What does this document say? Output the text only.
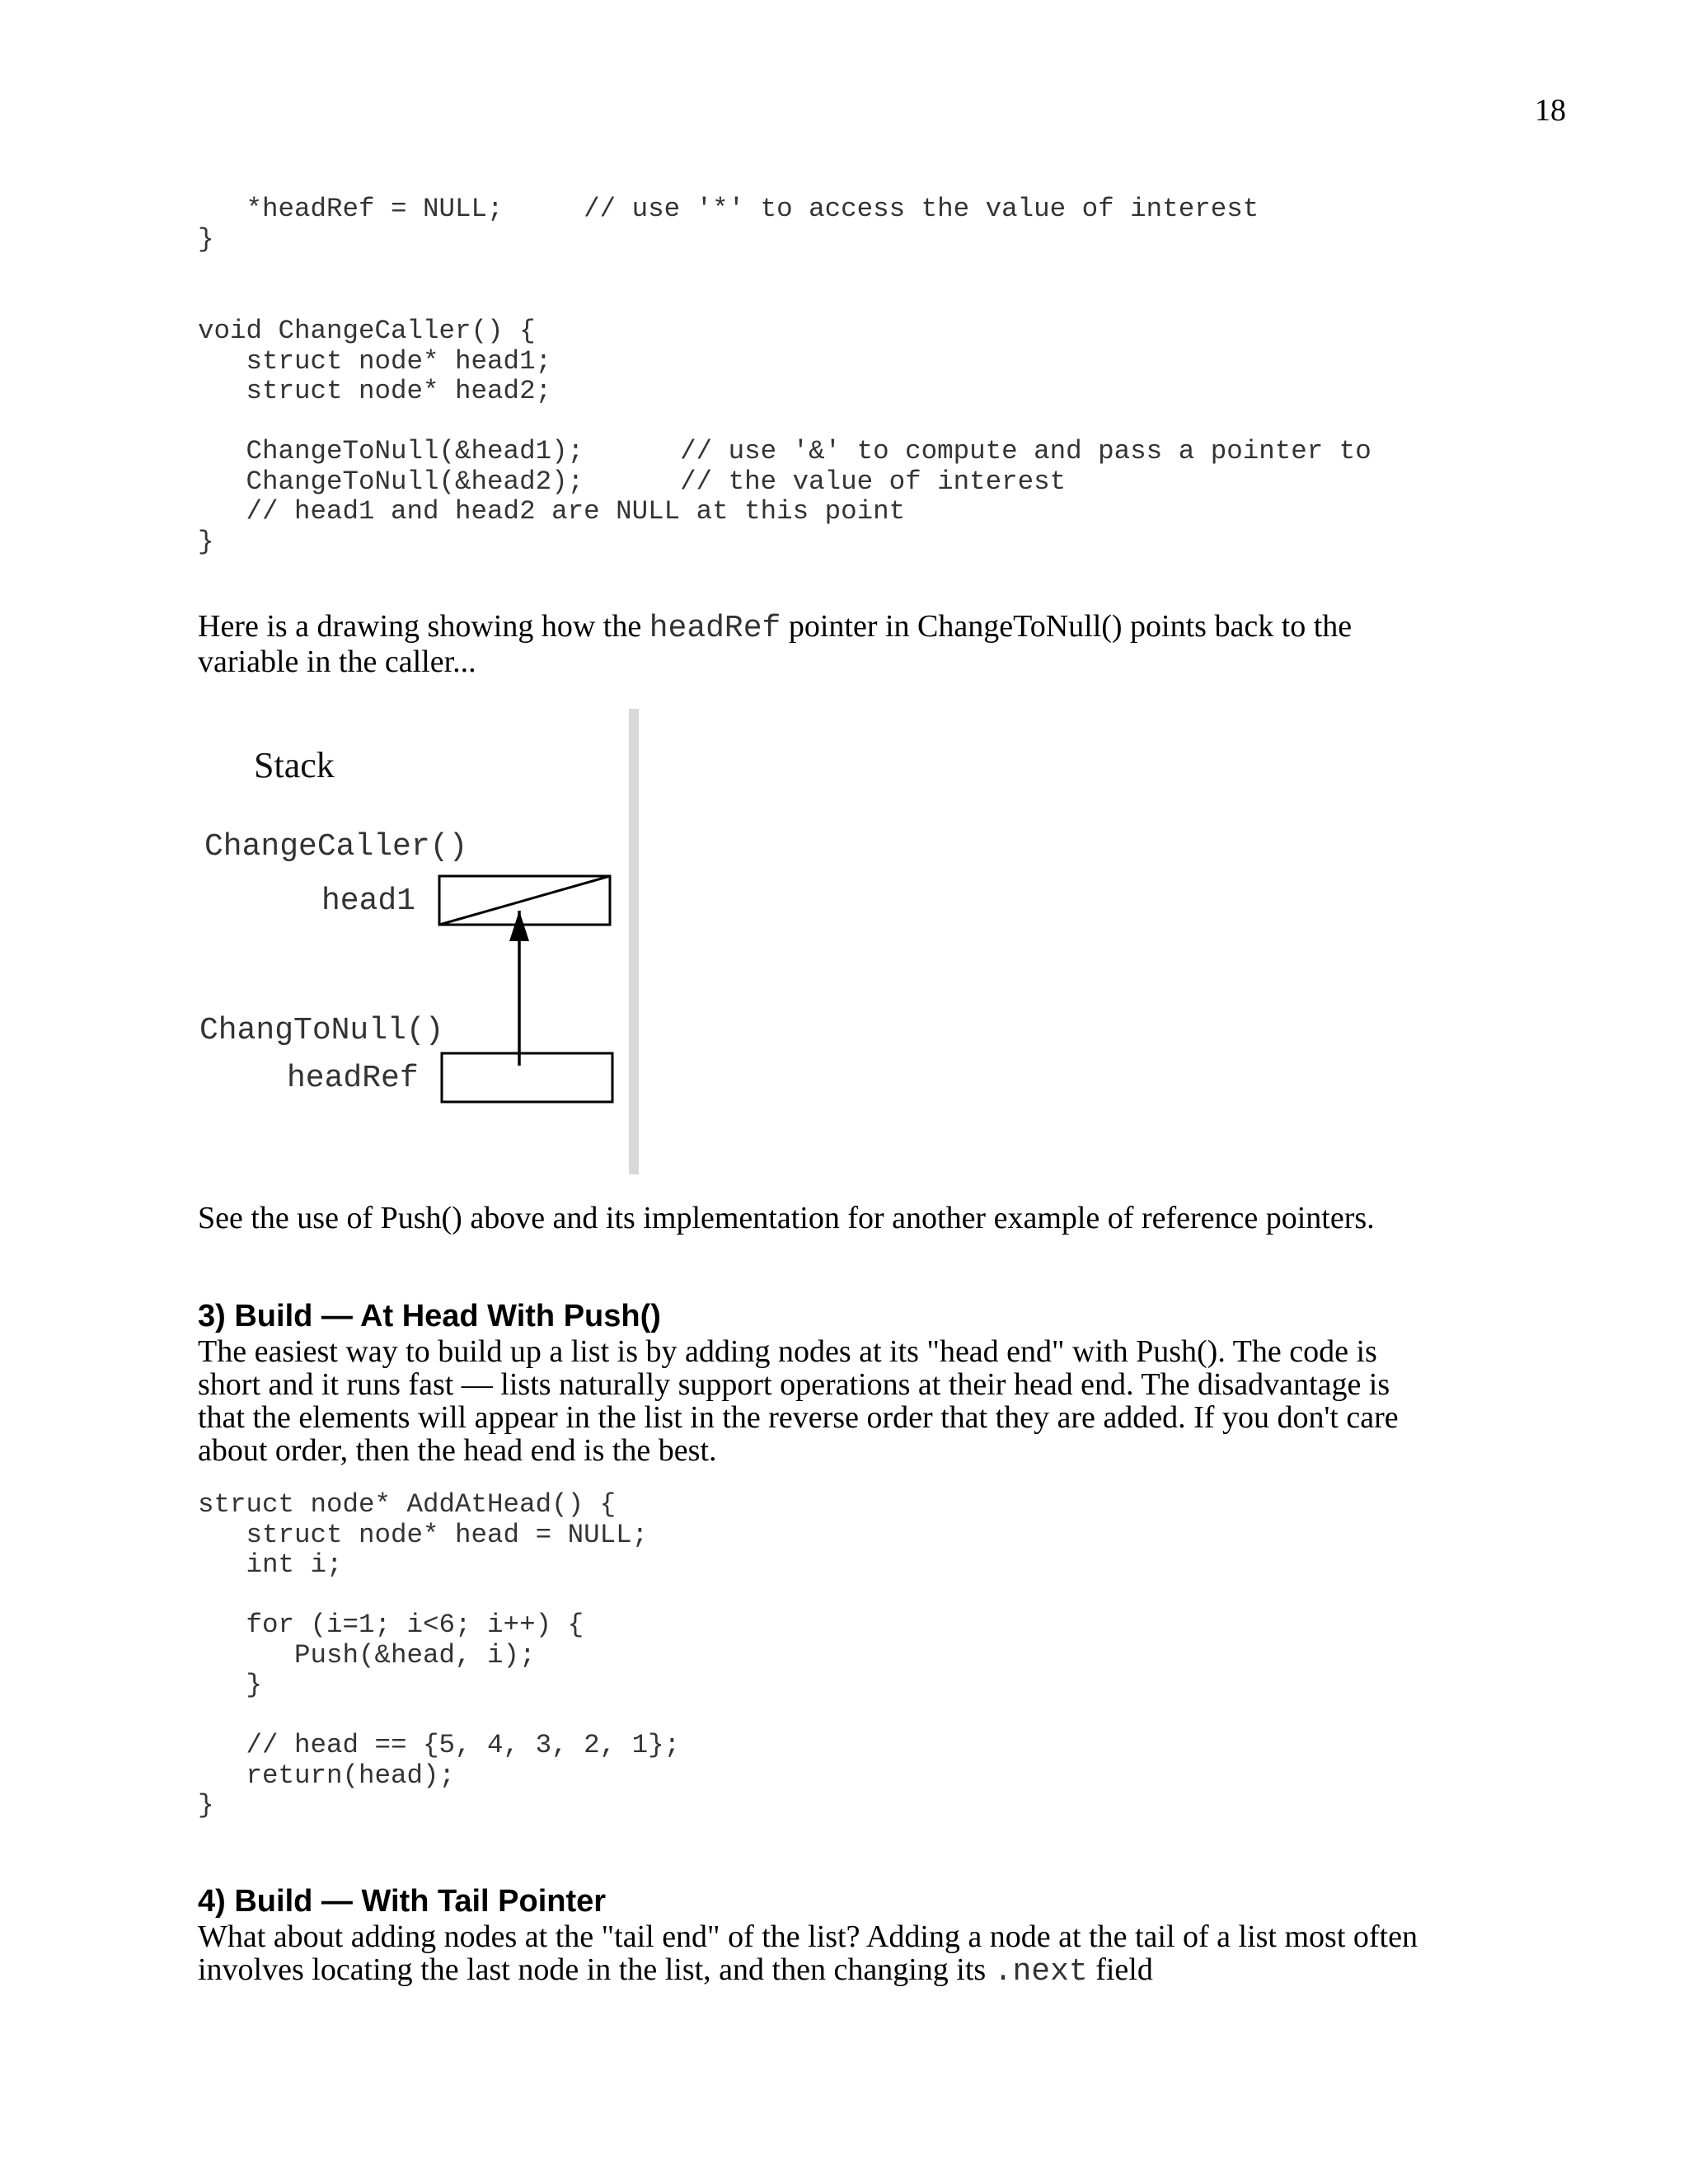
18
*headRef = NULL;     // use '*' to access the value of interest
}
void ChangeCaller() {
struct node* head1;
struct node* head2;

ChangeToNull(&head1);      // use '&' to compute and pass a pointer to
ChangeToNull(&head2);      // the value of interest
// head1 and head2 are NULL at this point
}

Here is a drawing showing how the headRef pointer in ChangeToNull() points back to the variable in the caller...

Stack
ChangeCaller()
head1
ChangToNull()
headRef

See the use of Push() above and its implementation for another example of reference pointers.

3) Build — At Head With Push()

The easiest way to build up a list is by adding nodes at its "head end" with Push(). The code is short and it runs fast — lists naturally support operations at their head end. The disadvantage is that the elements will appear in the list in the reverse order that they are added. If you don't care about order, then the head end is the best.

struct node* AddAtHead() {
struct node* head = NULL;
int i;

for (i=1; i<6; i++) {
Push(&head, i);
}

// head == {5, 4, 3, 2, 1};
return(head);
}
4) Build — With Tail Pointer

What about adding nodes at the "tail end" of the list? Adding a node at the tail of a list most often involves locating the last node in the list, and then changing its .next field
